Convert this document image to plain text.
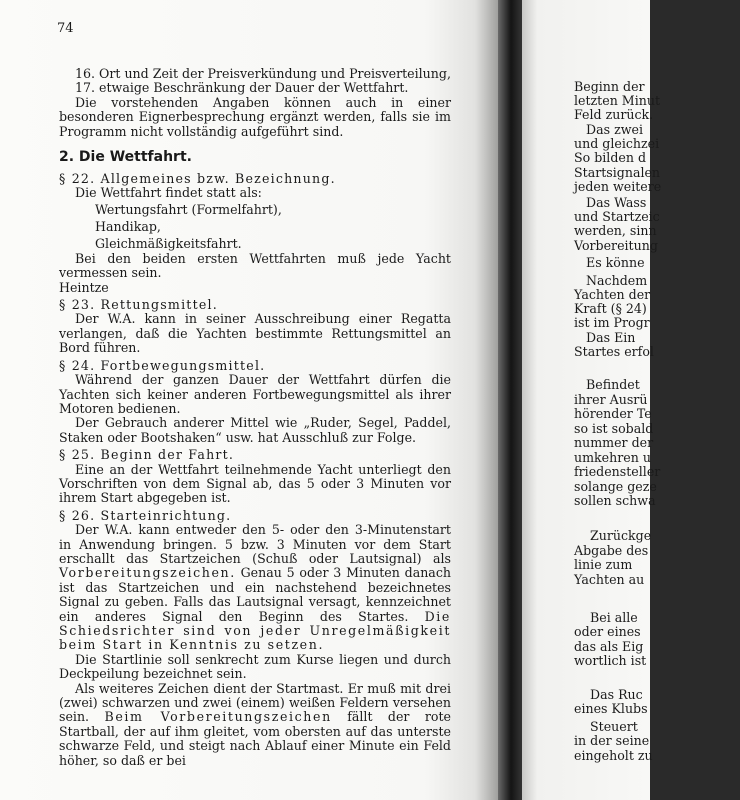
74

16. Ort und Zeit der Preisverkündung und Preisverteilung,

17. etwaige Beschränkung der Dauer der Wettfahrt.

Die vorstehenden Angaben können auch in einer besonderen Eignerbesprechung ergänzt werden, falls sie im Programm nicht vollständig aufgeführt sind.

2. Die Wettfahrt.

§ 22. Allgemeines bzw. Bezeichnung.

Die Wettfahrt findet statt als:

Wertungsfahrt (Formelfahrt),

Handikap,

Gleichmäßigkeitsfahrt.

Bei den beiden ersten Wettfahrten muß jede Yacht vermessen sein.

Heintze

§ 23. Rettungsmittel.

Der W.A. kann in seiner Ausschreibung einer Regatta verlangen, daß die Yachten bestimmte Rettungsmittel an Bord führen.

§ 24. Fortbewegungsmittel.

Während der ganzen Dauer der Wettfahrt dürfen die Yachten sich keiner anderen Fortbewegungsmittel als ihrer Motoren bedienen.

Der Gebrauch anderer Mittel wie „Ruder, Segel, Paddel, Staken oder Bootshaken“ usw. hat Ausschluß zur Folge.

§ 25. Beginn der Fahrt.

Eine an der Wettfahrt teilnehmende Yacht unterliegt den Vorschriften von dem Signal ab, das 5 oder 3 Minuten vor ihrem Start abgegeben ist.

§ 26. Starteinrichtung.

Der W.A. kann entweder den 5- oder den 3-Minutenstart in Anwendung bringen. 5 bzw. 3 Minuten vor dem Start erschallt das Startzeichen (Schuß oder Lautsignal) als Vorbereitungszeichen. Genau 5 oder 3 Minuten danach ist das Startzeichen und ein nachstehend bezeichnetes Signal zu geben. Falls das Lautsignal versagt, kennzeichnet ein anderes Signal den Beginn des Startes. Die Schiedsrichter sind von jeder Unregelmäßigkeit beim Start in Kenntnis zu setzen.

Die Startlinie soll senkrecht zum Kurse liegen und durch Deckpeilung bezeichnet sein.

Als weiteres Zeichen dient der Startmast. Er muß mit drei (zwei) schwarzen und zwei (einem) weißen Feldern versehen sein. Beim Vorbereitungszeichen fällt der rote Startball, der auf ihm gleitet, vom obersten auf das unterste schwarze Feld, und steigt nach Ablauf einer Minute ein Feld höher, so daß er bei

Beginn der
letzten Minut
Feld zurück.
Das zwei
und gleichzei
So bilden d
Startsignalen
jeden weitere
Das Wass
und Startzeic
werden, sinn
Vorbereitung
Es könne
Nachdem
Yachten der
Kraft (§ 24)
ist im Progr
Das Ein
Startes erfol
Befindet
ihrer Ausrü
hörender Te
so ist sobald
nummer der
umkehren u
friedensteller
solange geze
sollen schwa
Zurückge
Abgabe des
linie zum
Yachten au
Bei alle
oder eines
das als Eig
wortlich ist
Das Ruc
eines Klubs
Steuert
in der seine
eingeholt zu
